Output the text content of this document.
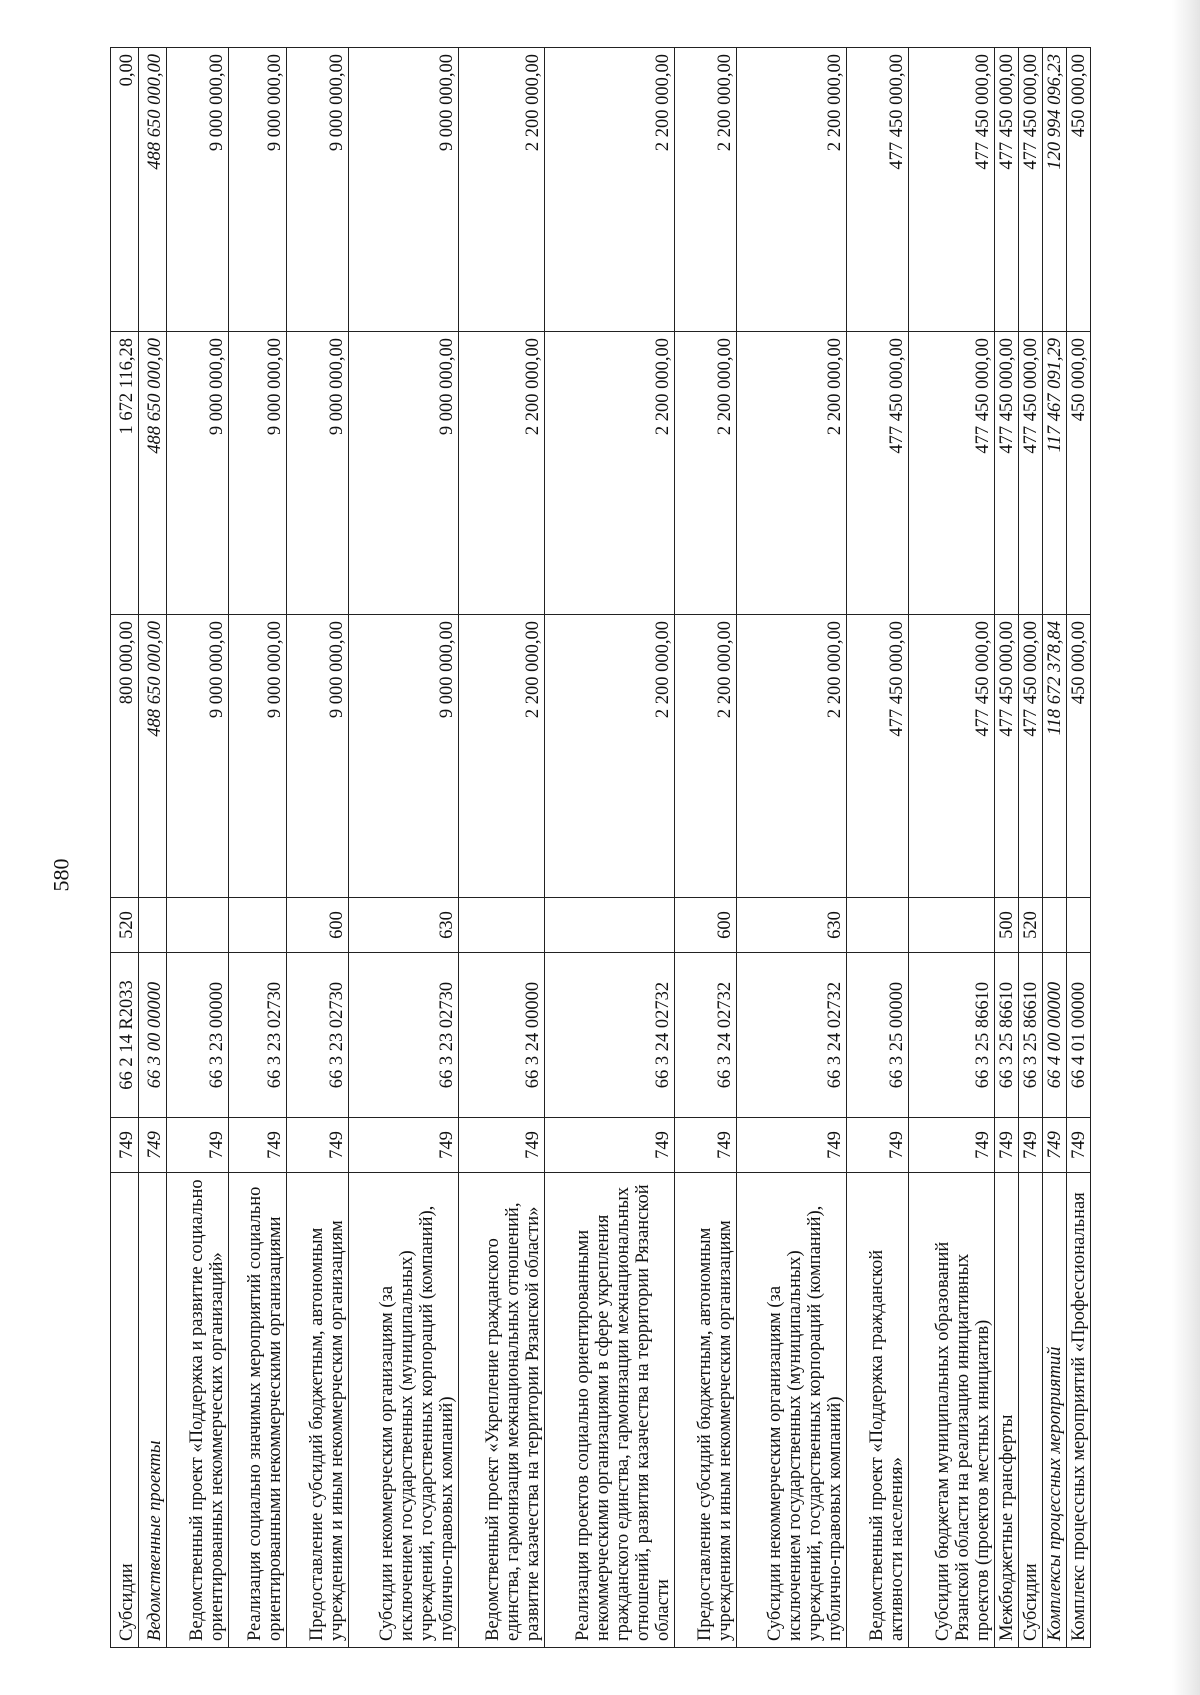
580
Субсидии	749	66 2 14 R2033	520	800 000,00	1 672 116,28	0,00
Ведомственные проекты	749	66 3 00 00000		488 650 000,00	488 650 000,00	488 650 000,00
Ведомственный проект «Поддержка и развитие социально ориентированных некоммерческих организаций»	749	66 3 23 00000		9 000 000,00	9 000 000,00	9 000 000,00
Реализация социально значимых мероприятий социально ориентированными некоммерческими организациями	749	66 3 23 02730		9 000 000,00	9 000 000,00	9 000 000,00
Предоставление субсидий бюджетным, автономным учреждениям и иным некоммерческим организациям	749	66 3 23 02730	600	9 000 000,00	9 000 000,00	9 000 000,00
Субсидии некоммерческим организациям (за исключением государственных (муниципальных) учреждений, государственных корпораций (компаний), публично-правовых компаний)	749	66 3 23 02730	630	9 000 000,00	9 000 000,00	9 000 000,00
Ведомственный проект «Укрепление гражданского единства, гармонизация межнациональных отношений, развитие казачества на территории Рязанской области»	749	66 3 24 00000		2 200 000,00	2 200 000,00	2 200 000,00
Реализация проектов социально ориентированными некоммерческими организациями в сфере укрепления гражданского единства, гармонизации межнациональных отношений, развития казачества на территории Рязанской области	749	66 3 24 02732		2 200 000,00	2 200 000,00	2 200 000,00
Предоставление субсидий бюджетным, автономным учреждениям и иным некоммерческим организациям	749	66 3 24 02732	600	2 200 000,00	2 200 000,00	2 200 000,00
Субсидии некоммерческим организациям (за исключением государственных (муниципальных) учреждений, государственных корпораций (компаний), публично-правовых компаний)	749	66 3 24 02732	630	2 200 000,00	2 200 000,00	2 200 000,00
Ведомственный проект «Поддержка гражданской активности населения»	749	66 3 25 00000		477 450 000,00	477 450 000,00	477 450 000,00
Субсидии бюджетам муниципальных образований Рязанской области на реализацию инициативных проектов (проектов местных инициатив)	749	66 3 25 86610		477 450 000,00	477 450 000,00	477 450 000,00
Межбюджетные трансферты	749	66 3 25 86610	500	477 450 000,00	477 450 000,00	477 450 000,00
Субсидии	749	66 3 25 86610	520	477 450 000,00	477 450 000,00	477 450 000,00
Комплексы процессных мероприятий	749	66 4 00 00000		118 672 378,84	117 467 091,29	120 994 096,23
Комплекс процессных мероприятий «Профессиональная	749	66 4 01 00000		450 000,00	450 000,00	450 000,00
